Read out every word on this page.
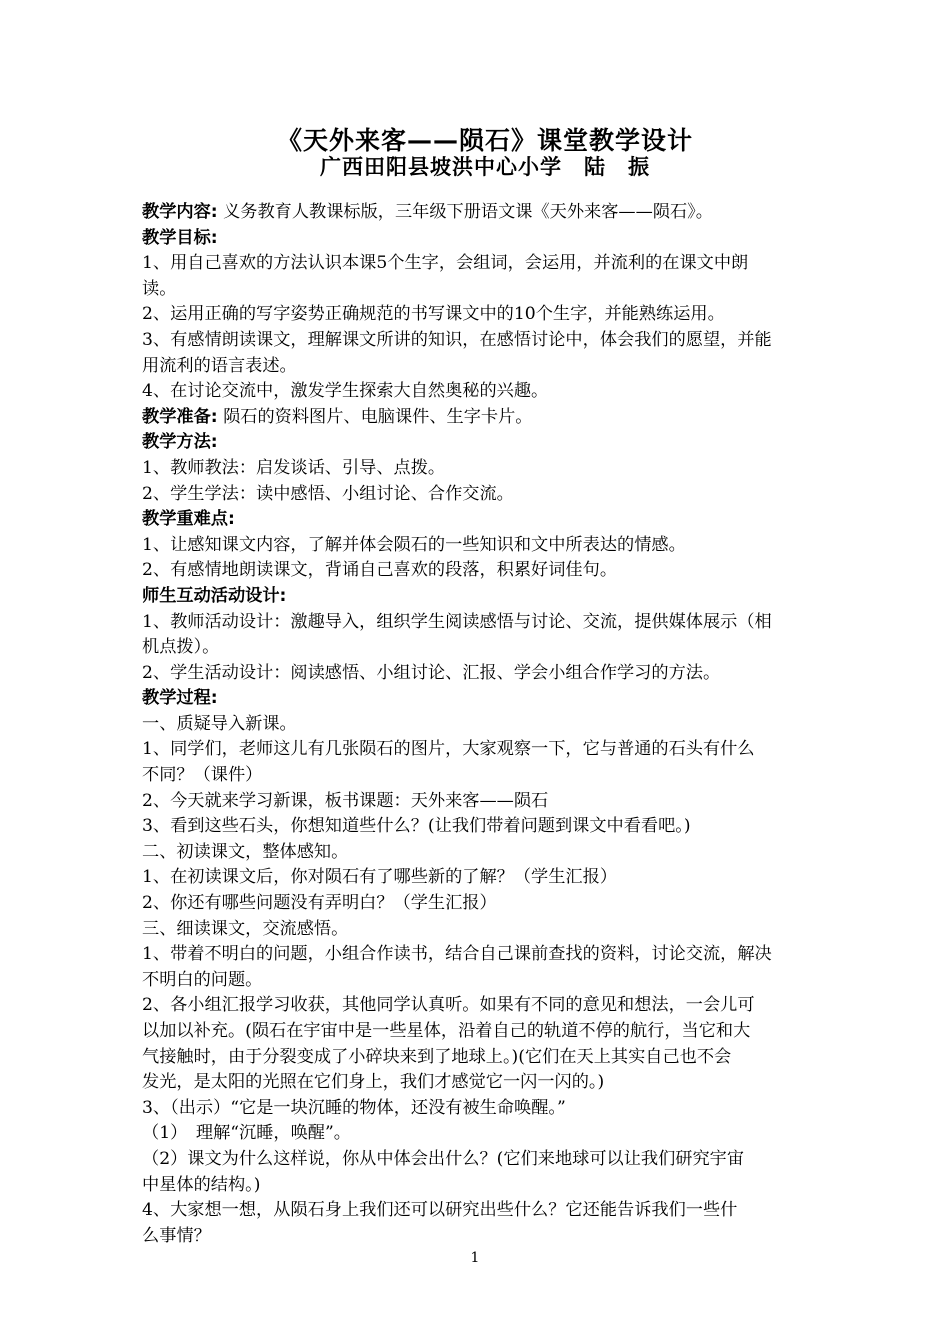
《天外来客——陨石》课堂教学设计
广西田阳县坡洪中心小学　陆　振
教学内容: 义务教育人教课标版，三年级下册语文课《天外来客——陨石》。
教学目标:
1、用自己喜欢的方法认识本课5个生字，会组词，会运用，并流利的在课文中朗
读。
2、运用正确的写字姿势正确规范的书写课文中的10个生字，并能熟练运用。
3、有感情朗读课文，理解课文所讲的知识，在感悟讨论中，体会我们的愿望，并能
用流利的语言表述。
4、在讨论交流中，激发学生探索大自然奥秘的兴趣。
教学准备: 陨石的资料图片、电脑课件、生字卡片。
教学方法:
1、教师教法：启发谈话、引导、点拨。
2、学生学法：读中感悟、小组讨论、合作交流。
教学重难点:
1、让感知课文内容，了解并体会陨石的一些知识和文中所表达的情感。
2、有感情地朗读课文，背诵自己喜欢的段落，积累好词佳句。
师生互动活动设计:
1、教师活动设计：激趣导入，组织学生阅读感悟与讨论、交流，提供媒体展示（相
机点拨）。
2、学生活动设计：阅读感悟、小组讨论、汇报、学会小组合作学习的方法。
教学过程:
一、质疑导入新课。
1、同学们，老师这儿有几张陨石的图片，大家观察一下，它与普通的石头有什么
不同？（课件）
2、今天就来学习新课，板书课题：天外来客——陨石
3、看到这些石头，你想知道些什么？(让我们带着问题到课文中看看吧。)
二、初读课文，整体感知。
1、在初读课文后，你对陨石有了哪些新的了解？（学生汇报）
2、你还有哪些问题没有弄明白？（学生汇报）
三、细读课文，交流感悟。
1、带着不明白的问题，小组合作读书，结合自己课前查找的资料，讨论交流，解决
不明白的问题。
2、各小组汇报学习收获，其他同学认真听。如果有不同的意见和想法，一会儿可
以加以补充。(陨石在宇宙中是一些星体，沿着自己的轨道不停的航行，当它和大
气接触时，由于分裂变成了小碎块来到了地球上。)(它们在天上其实自己也不会
发光，是太阳的光照在它们身上，我们才感觉它一闪一闪的。)
3、（出示）“它是一块沉睡的物体，还没有被生命唤醒。”
（1）　理解“沉睡，唤醒”。
（2）课文为什么这样说，你从中体会出什么？(它们来地球可以让我们研究宇宙
中星体的结构。)
4、大家想一想，从陨石身上我们还可以研究出些什么？它还能告诉我们一些什
么事情？
1
